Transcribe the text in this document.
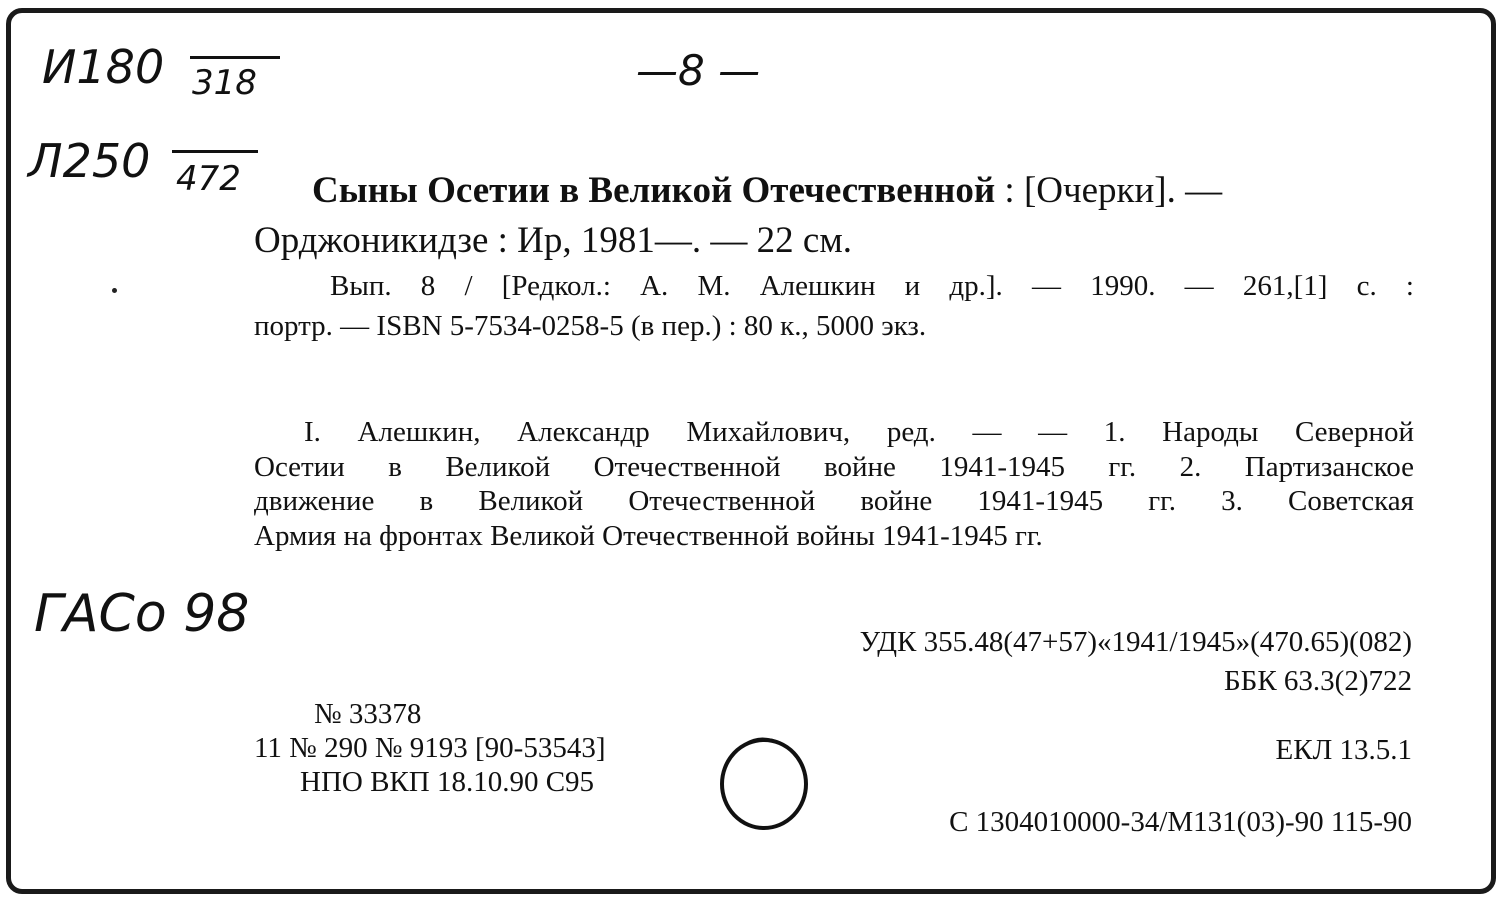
И180 318
Л250 472
—8 —
ГАСо 98
Сыны Осетии в Великой Отечественной : [Очерки]. —
Орджоникидзе : Ир, 1981—. — 22 см.
Вып. 8 / [Редкол.: А. М. Алешкин и др.]. — 1990. — 261,[1] с. :
портр. — ISBN 5-7534-0258-5 (в пер.) : 80 к., 5000 экз.
I. Алешкин, Александр Михайлович, ред. — — 1. Народы Северной
Осетии в Великой Отечественной войне 1941-1945 гг. 2. Партизанское
движение в Великой Отечественной войне 1941-1945 гг. 3. Советская
Армия на фронтах Великой Отечественной войны 1941-1945 гг.
УДК 355.48(47+57)«1941/1945»(470.65)(082)
ББК 63.3(2)722
№ 33378
11 № 290 № 9193 [90-53543]
НПО ВКП 18.10.90 С95
ЕКЛ 13.5.1
С 1304010000-34/М131(03)-90 115-90
